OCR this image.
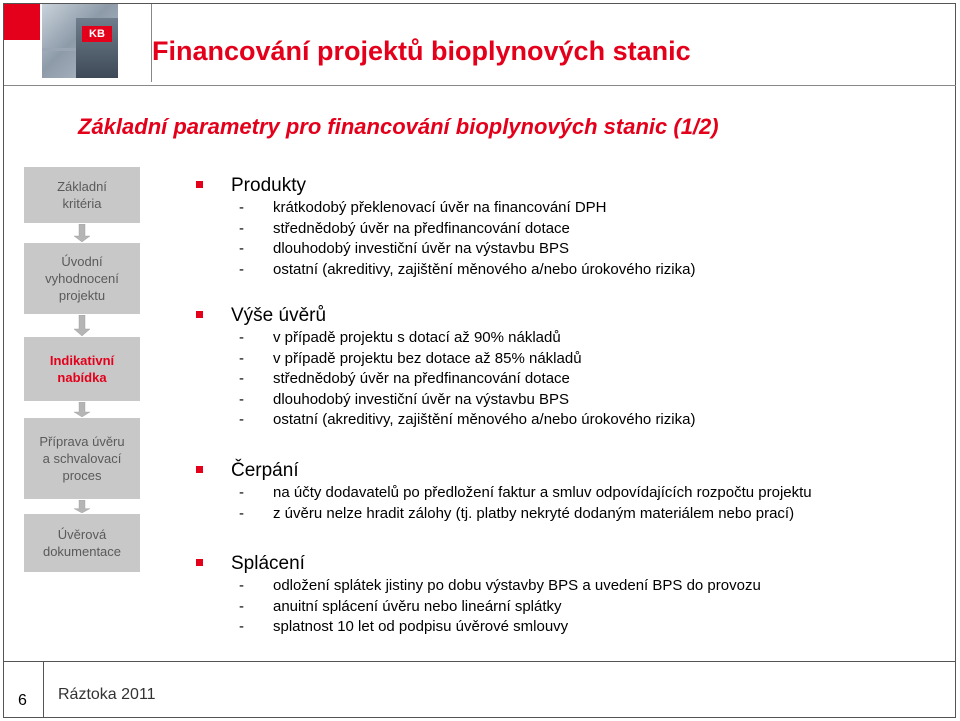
KB
Financování projektů bioplynových stanic
Základní parametry pro financování bioplynových stanic (1/2)
Základní
kritéria
Úvodní
vyhodnocení
projektu
Indikativní
nabídka
Příprava úvěru
a schvalovací
proces
Úvěrová
dokumentace
Produkty
- krátkodobý překlenovací úvěr na financování DPH
- střednědobý úvěr na předfinancování dotace
- dlouhodobý investiční úvěr na výstavbu BPS
- ostatní (akreditivy, zajištění měnového a/nebo úrokového rizika)
Výše úvěrů
- v případě projektu s dotací až 90% nákladů
- v případě projektu bez dotace až 85% nákladů
- střednědobý úvěr na předfinancování dotace
- dlouhodobý investiční úvěr na výstavbu BPS
- ostatní (akreditivy, zajištění měnového a/nebo úrokového rizika)
Čerpání
- na účty dodavatelů po předložení faktur a smluv odpovídajících rozpočtu projektu
- z úvěru nelze hradit zálohy (tj. platby nekryté dodaným materiálem nebo prací)
Splácení
- odložení splátek jistiny po dobu výstavby BPS a uvedení BPS do provozu
- anuitní splácení úvěru nebo lineární splátky
- splatnost 10 let od podpisu úvěrové smlouvy
6 Ráztoka 2011
